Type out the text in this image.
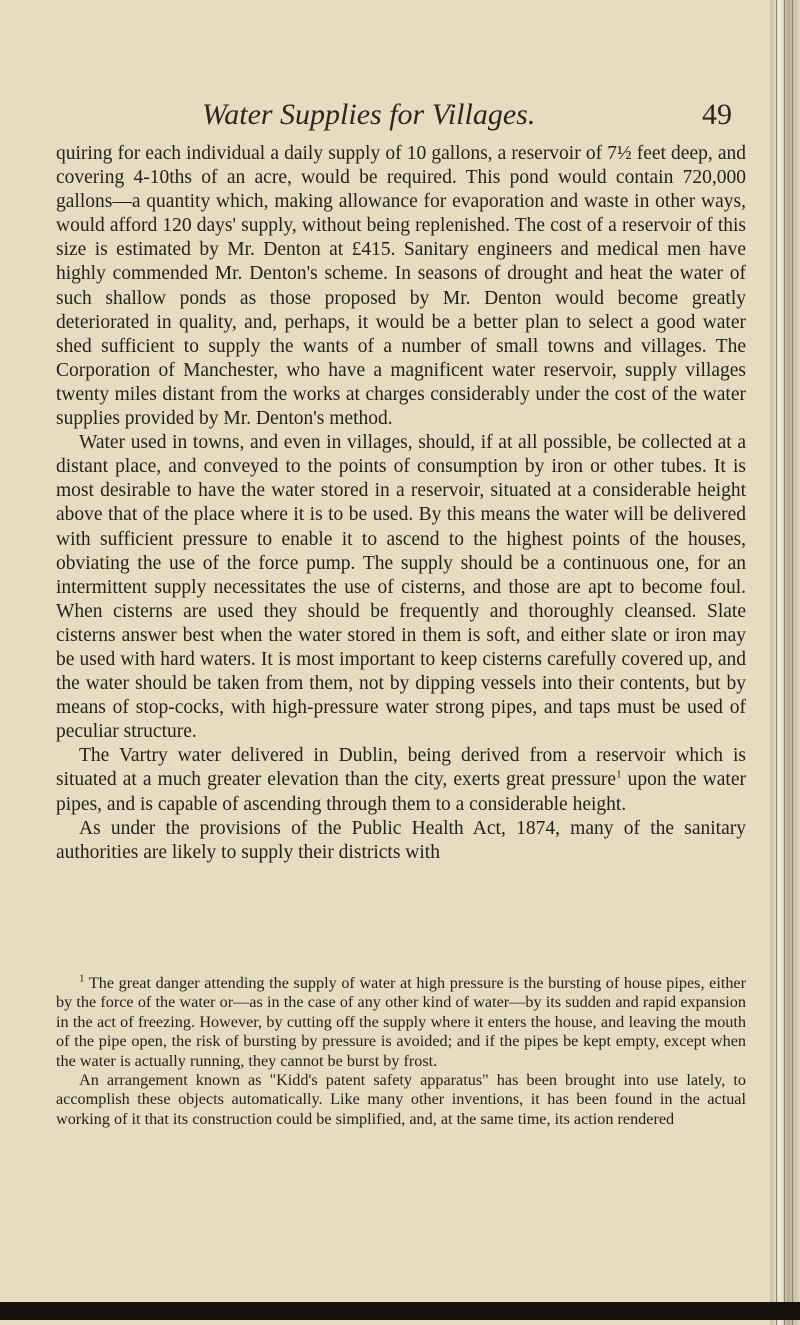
Water Supplies for Villages.	49

quiring for each individual a daily supply of 10 gallons, a reservoir of 7½ feet deep, and covering 4-10ths of an acre, would be required. This pond would contain 720,000 gallons—a quantity which, making allowance for evaporation and waste in other ways, would afford 120 days' supply, without being replenished. The cost of a reservoir of this size is estimated by Mr. Denton at £415. Sanitary engineers and medical men have highly commended Mr. Denton's scheme. In seasons of drought and heat the water of such shallow ponds as those proposed by Mr. Denton would become greatly deteriorated in quality, and, perhaps, it would be a better plan to select a good water shed sufficient to supply the wants of a number of small towns and villages. The Corporation of Manchester, who have a magnificent water reservoir, supply villages twenty miles distant from the works at charges considerably under the cost of the water supplies provided by Mr. Denton's method.

Water used in towns, and even in villages, should, if at all possible, be collected at a distant place, and conveyed to the points of consumption by iron or other tubes. It is most desirable to have the water stored in a reservoir, situated at a considerable height above that of the place where it is to be used. By this means the water will be delivered with sufficient pressure to enable it to ascend to the highest points of the houses, obviating the use of the force pump. The supply should be a continuous one, for an intermittent supply necessitates the use of cisterns, and those are apt to become foul. When cisterns are used they should be frequently and thoroughly cleansed. Slate cisterns answer best when the water stored in them is soft, and either slate or iron may be used with hard waters. It is most important to keep cisterns carefully covered up, and the water should be taken from them, not by dipping vessels into their contents, but by means of stop-cocks, with high-pressure water strong pipes, and taps must be used of peculiar structure.

The Vartry water delivered in Dublin, being derived from a reservoir which is situated at a much greater elevation than the city, exerts great pressure$^1$ upon the water pipes, and is capable of ascending through them to a considerable height.

As under the provisions of the Public Health Act, 1874, many of the sanitary authorities are likely to supply their districts with

$^1$ The great danger attending the supply of water at high pressure is the bursting of house pipes, either by the force of the water or—as in the case of any other kind of water—by its sudden and rapid expansion in the act of freezing. However, by cutting off the supply where it enters the house, and leaving the mouth of the pipe open, the risk of bursting by pressure is avoided; and if the pipes be kept empty, except when the water is actually running, they cannot be burst by frost.

An arrangement known as "Kidd's patent safety apparatus" has been brought into use lately, to accomplish these objects automatically. Like many other inventions, it has been found in the actual working of it that its construction could be simplified, and, at the same time, its action rendered
